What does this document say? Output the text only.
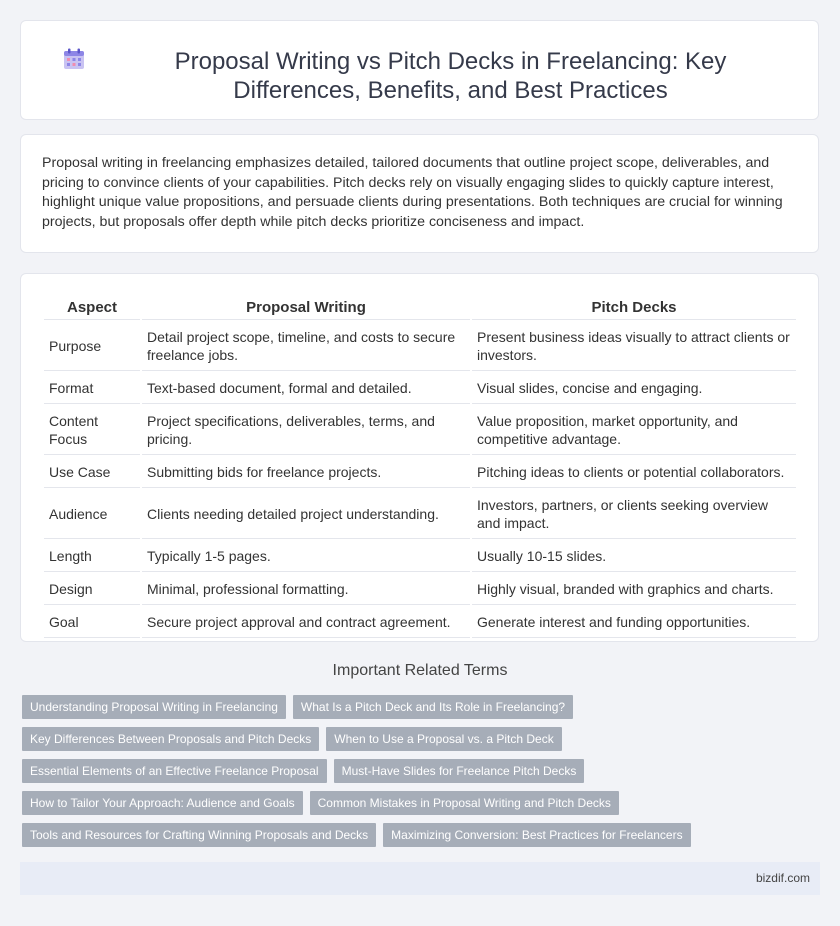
Proposal Writing vs Pitch Decks in Freelancing: Key Differences, Benefits, and Best Practices

Proposal writing in freelancing emphasizes detailed, tailored documents that outline project scope, deliverables, and pricing to convince clients of your capabilities. Pitch decks rely on visually engaging slides to quickly capture interest, highlight unique value propositions, and persuade clients during presentations. Both techniques are crucial for winning projects, but proposals offer depth while pitch decks prioritize conciseness and impact.

Aspect	Proposal Writing	Pitch Decks
Purpose	Detail project scope, timeline, and costs to secure freelance jobs.	Present business ideas visually to attract clients or investors.
Format	Text-based document, formal and detailed.	Visual slides, concise and engaging.
Content Focus	Project specifications, deliverables, terms, and pricing.	Value proposition, market opportunity, and competitive advantage.
Use Case	Submitting bids for freelance projects.	Pitching ideas to clients or potential collaborators.
Audience	Clients needing detailed project understanding.	Investors, partners, or clients seeking overview and impact.
Length	Typically 1-5 pages.	Usually 10-15 slides.
Design	Minimal, professional formatting.	Highly visual, branded with graphics and charts.
Goal	Secure project approval and contract agreement.	Generate interest and funding opportunities.
Important Related Terms
Understanding Proposal Writing in Freelancing	What Is a Pitch Deck and Its Role in Freelancing?
Key Differences Between Proposals and Pitch Decks	When to Use a Proposal vs. a Pitch Deck
Essential Elements of an Effective Freelance Proposal	Must-Have Slides for Freelance Pitch Decks
How to Tailor Your Approach: Audience and Goals	Common Mistakes in Proposal Writing and Pitch Decks
Tools and Resources for Crafting Winning Proposals and Decks	Maximizing Conversion: Best Practices for Freelancers
bizdif.com
